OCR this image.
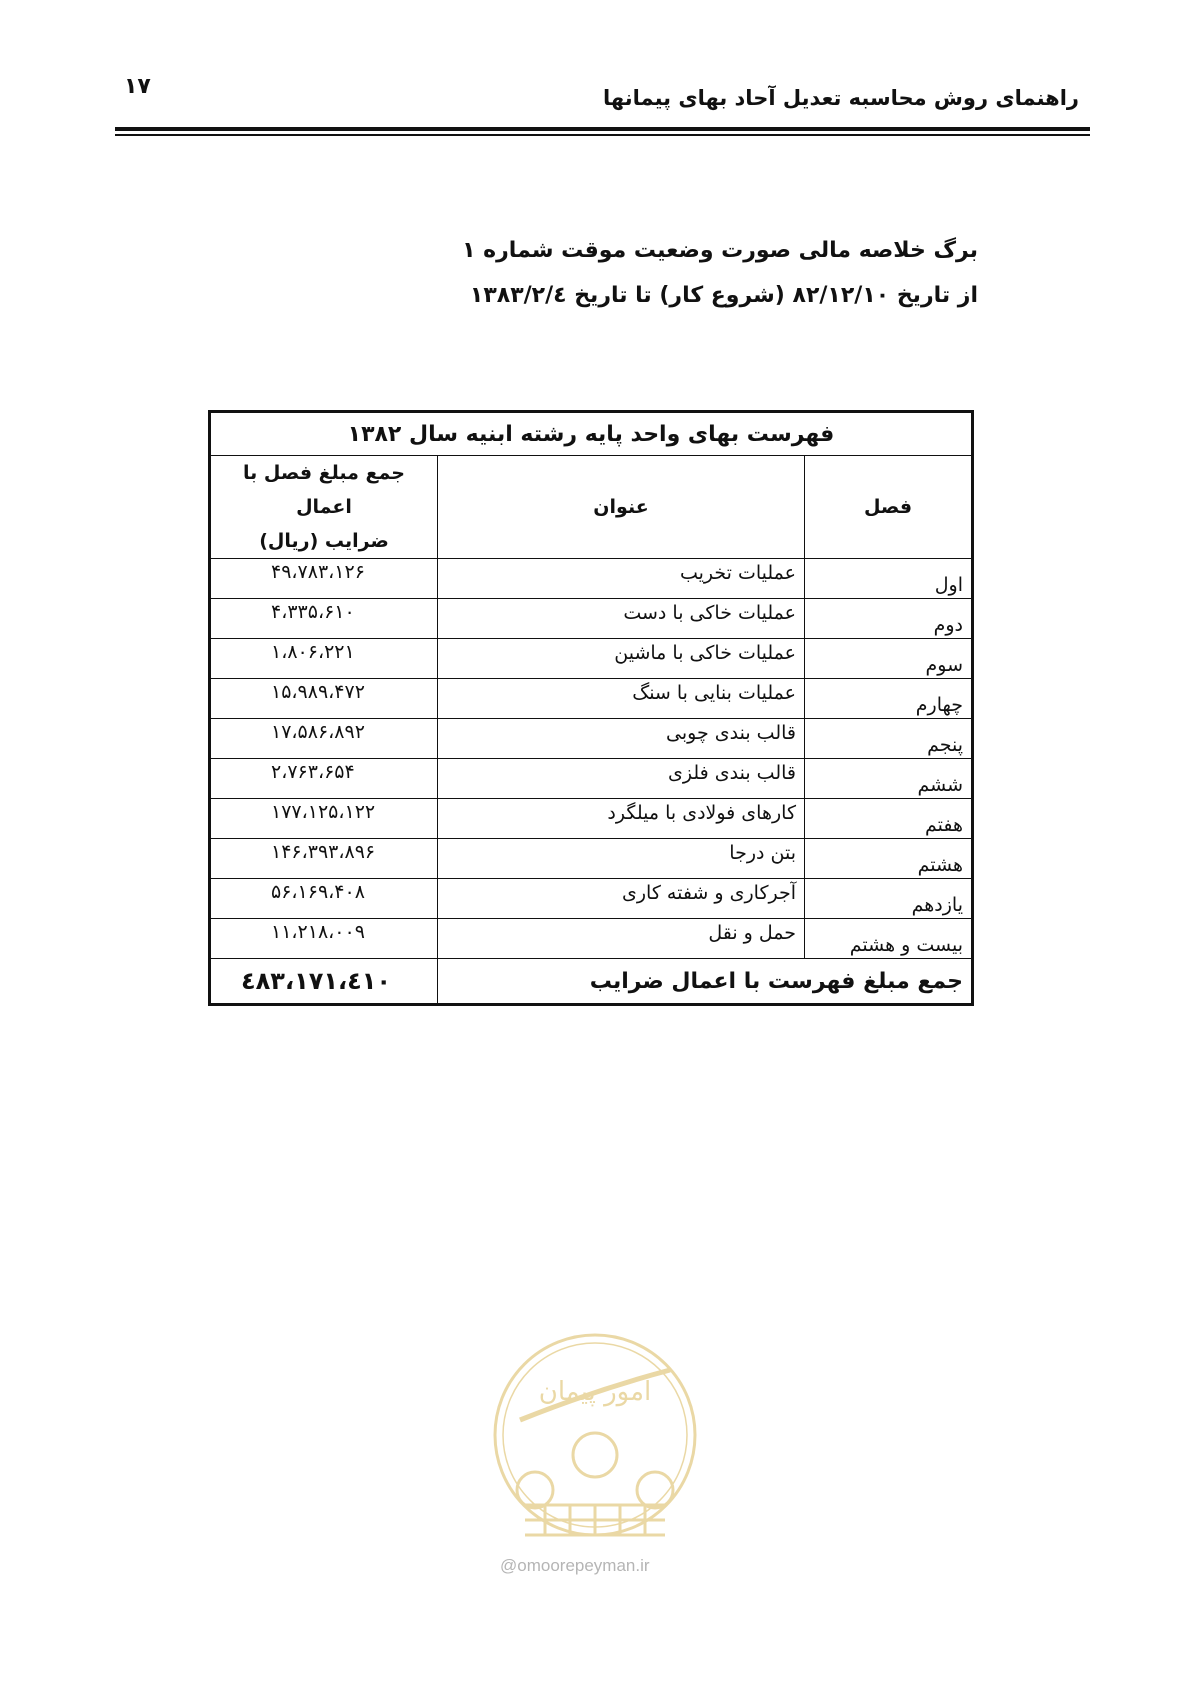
۱۷	راهنمای روش محاسبه تعدیل آحاد بهای پیمانها
برگ خلاصه مالی صورت وضعیت موقت شماره ۱
از تاریخ ۸۲/۱۲/۱۰ (شروع کار) تا تاریخ ۱۳۸۳/۲/٤
فهرست بهای واحد پایه رشته ابنیه سال ۱۳۸۲		
فصل	عنوان	جمع مبلغ فصل با اعمال
ضرایب (ریال)

اول	عملیات تخریب	۴۹،۷۸۳،۱۲۶
دوم	عملیات خاکی با دست	۴،۳۳۵،۶۱۰
سوم	عملیات خاکی با ماشین	۱،۸۰۶،۲۲۱
چهارم	عملیات بنایی با سنگ	۱۵،۹۸۹،۴۷۲
پنجم	قالب بندی چوبی	۱۷،۵۸۶،۸۹۲
ششم	قالب بندی فلزی	۲،۷۶۳،۶۵۴
هفتم	کارهای فولادی با میلگرد	۱۷۷،۱۲۵،۱۲۲
هشتم	بتن درجا	۱۴۶،۳۹۳،۸۹۶
یازدهم	آجرکاری و شفته کاری	۵۶،۱۶۹،۴۰۸
بیست و هشتم	حمل و نقل	۱۱،۲۱۸،۰۰۹
جمع مبلغ فهرست با اعمال ضرایب		٤٨٣،١٧١،٤١٠
امور پیمان
@omoorepeyman.ir
